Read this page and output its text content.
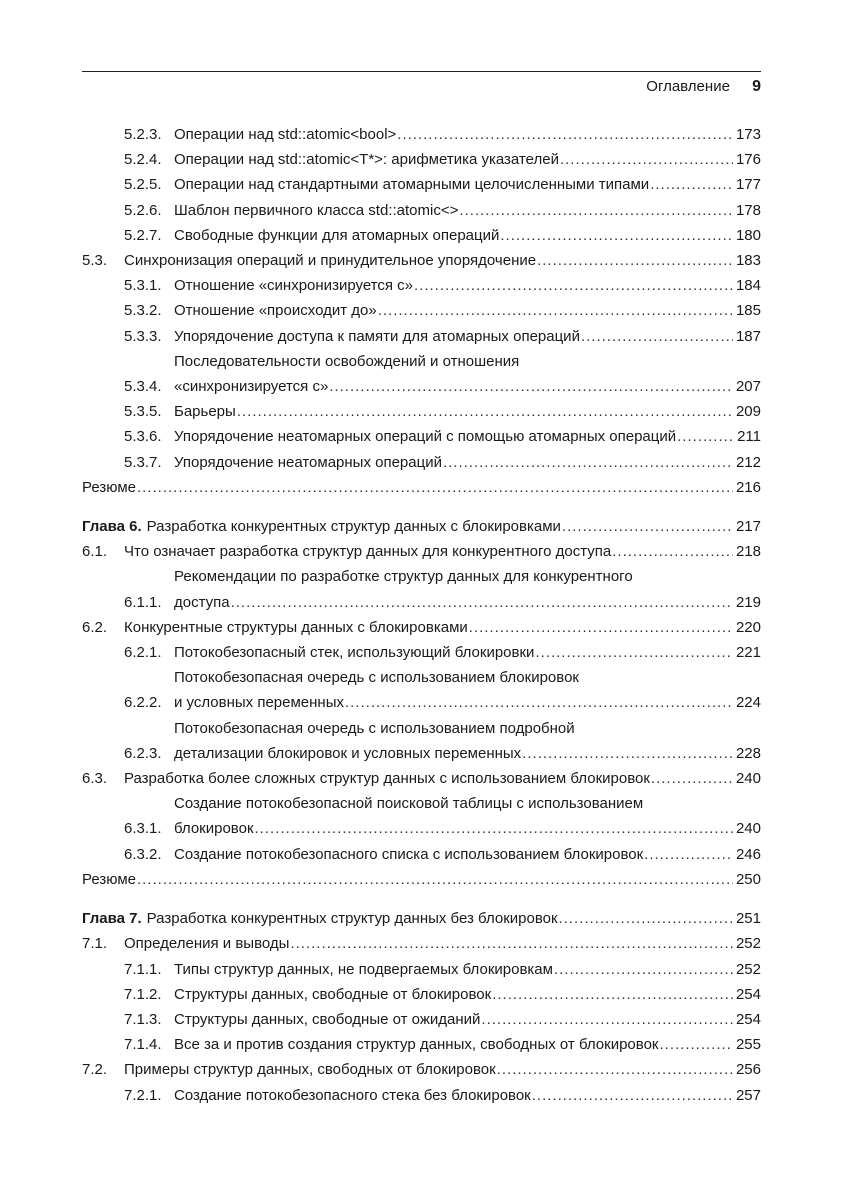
Оглавление 9
5.2.3. Операции над std::atomic<bool> .....	173
5.2.4. Операции над std::atomic<T*>: арифметика указателей .....	176
5.2.5. Операции над стандартными атомарными целочисленными типами .....	177
5.2.6. Шаблон первичного класса std::atomic<> .....	178
5.2.7. Свободные функции для атомарных операций .....	180
5.3.	Синхронизация операций и принудительное упорядочение .....	183
5.3.1. Отношение «синхронизируется с» .....	184
5.3.2. Отношение «происходит до» .....	185
5.3.3. Упорядочение доступа к памяти для атомарных операций .....	187
5.3.4.
Последовательности освобождений и отношения
«синхронизируется с» .....	207
5.3.5. Барьеры .....	209
5.3.6. Упорядочение неатомарных операций с помощью атомарных операций .....	211
5.3.7. Упорядочение неатомарных операций .....	212
Резюме .....	216
Глава 6. Разработка конкурентных структур данных с блокировками .....	217
6.1.	Что означает разработка структур данных для конкурентного доступа .....	218
6.1.1.
Рекомендации по разработке структур данных для конкурентного
доступа .....	219
6.2.	Конкурентные структуры данных с блокировками .....	220
6.2.1. Потокобезопасный стек, использующий блокировки .....	221
6.2.2.
Потокобезопасная очередь с использованием блокировок
и условных переменных .....	224
6.2.3.
Потокобезопасная очередь с использованием подробной
детализации блокировок и условных переменных .....	228
6.3.	Разработка более сложных структур данных с использованием блокировок .....	240
6.3.1.
Создание потокобезопасной поисковой таблицы с использованием
блокировок .....	240
6.3.2. Создание потокобезопасного списка с использованием блокировок .....	246
Резюме .....	250
Глава 7. Разработка конкурентных структур данных без блокировок .....	251
7.1.	Определения и выводы .....	252
7.1.1. Типы структур данных, не подвергаемых блокировкам .....	252
7.1.2. Структуры данных, свободные от блокировок .....	254
7.1.3. Структуры данных, свободные от ожиданий .....	254
7.1.4. Все за и против создания структур данных, свободных от блокировок .....	255
7.2.	Примеры структур данных, свободных от блокировок .....	256
7.2.1. Создание потокобезопасного стека без блокировок .....	257
